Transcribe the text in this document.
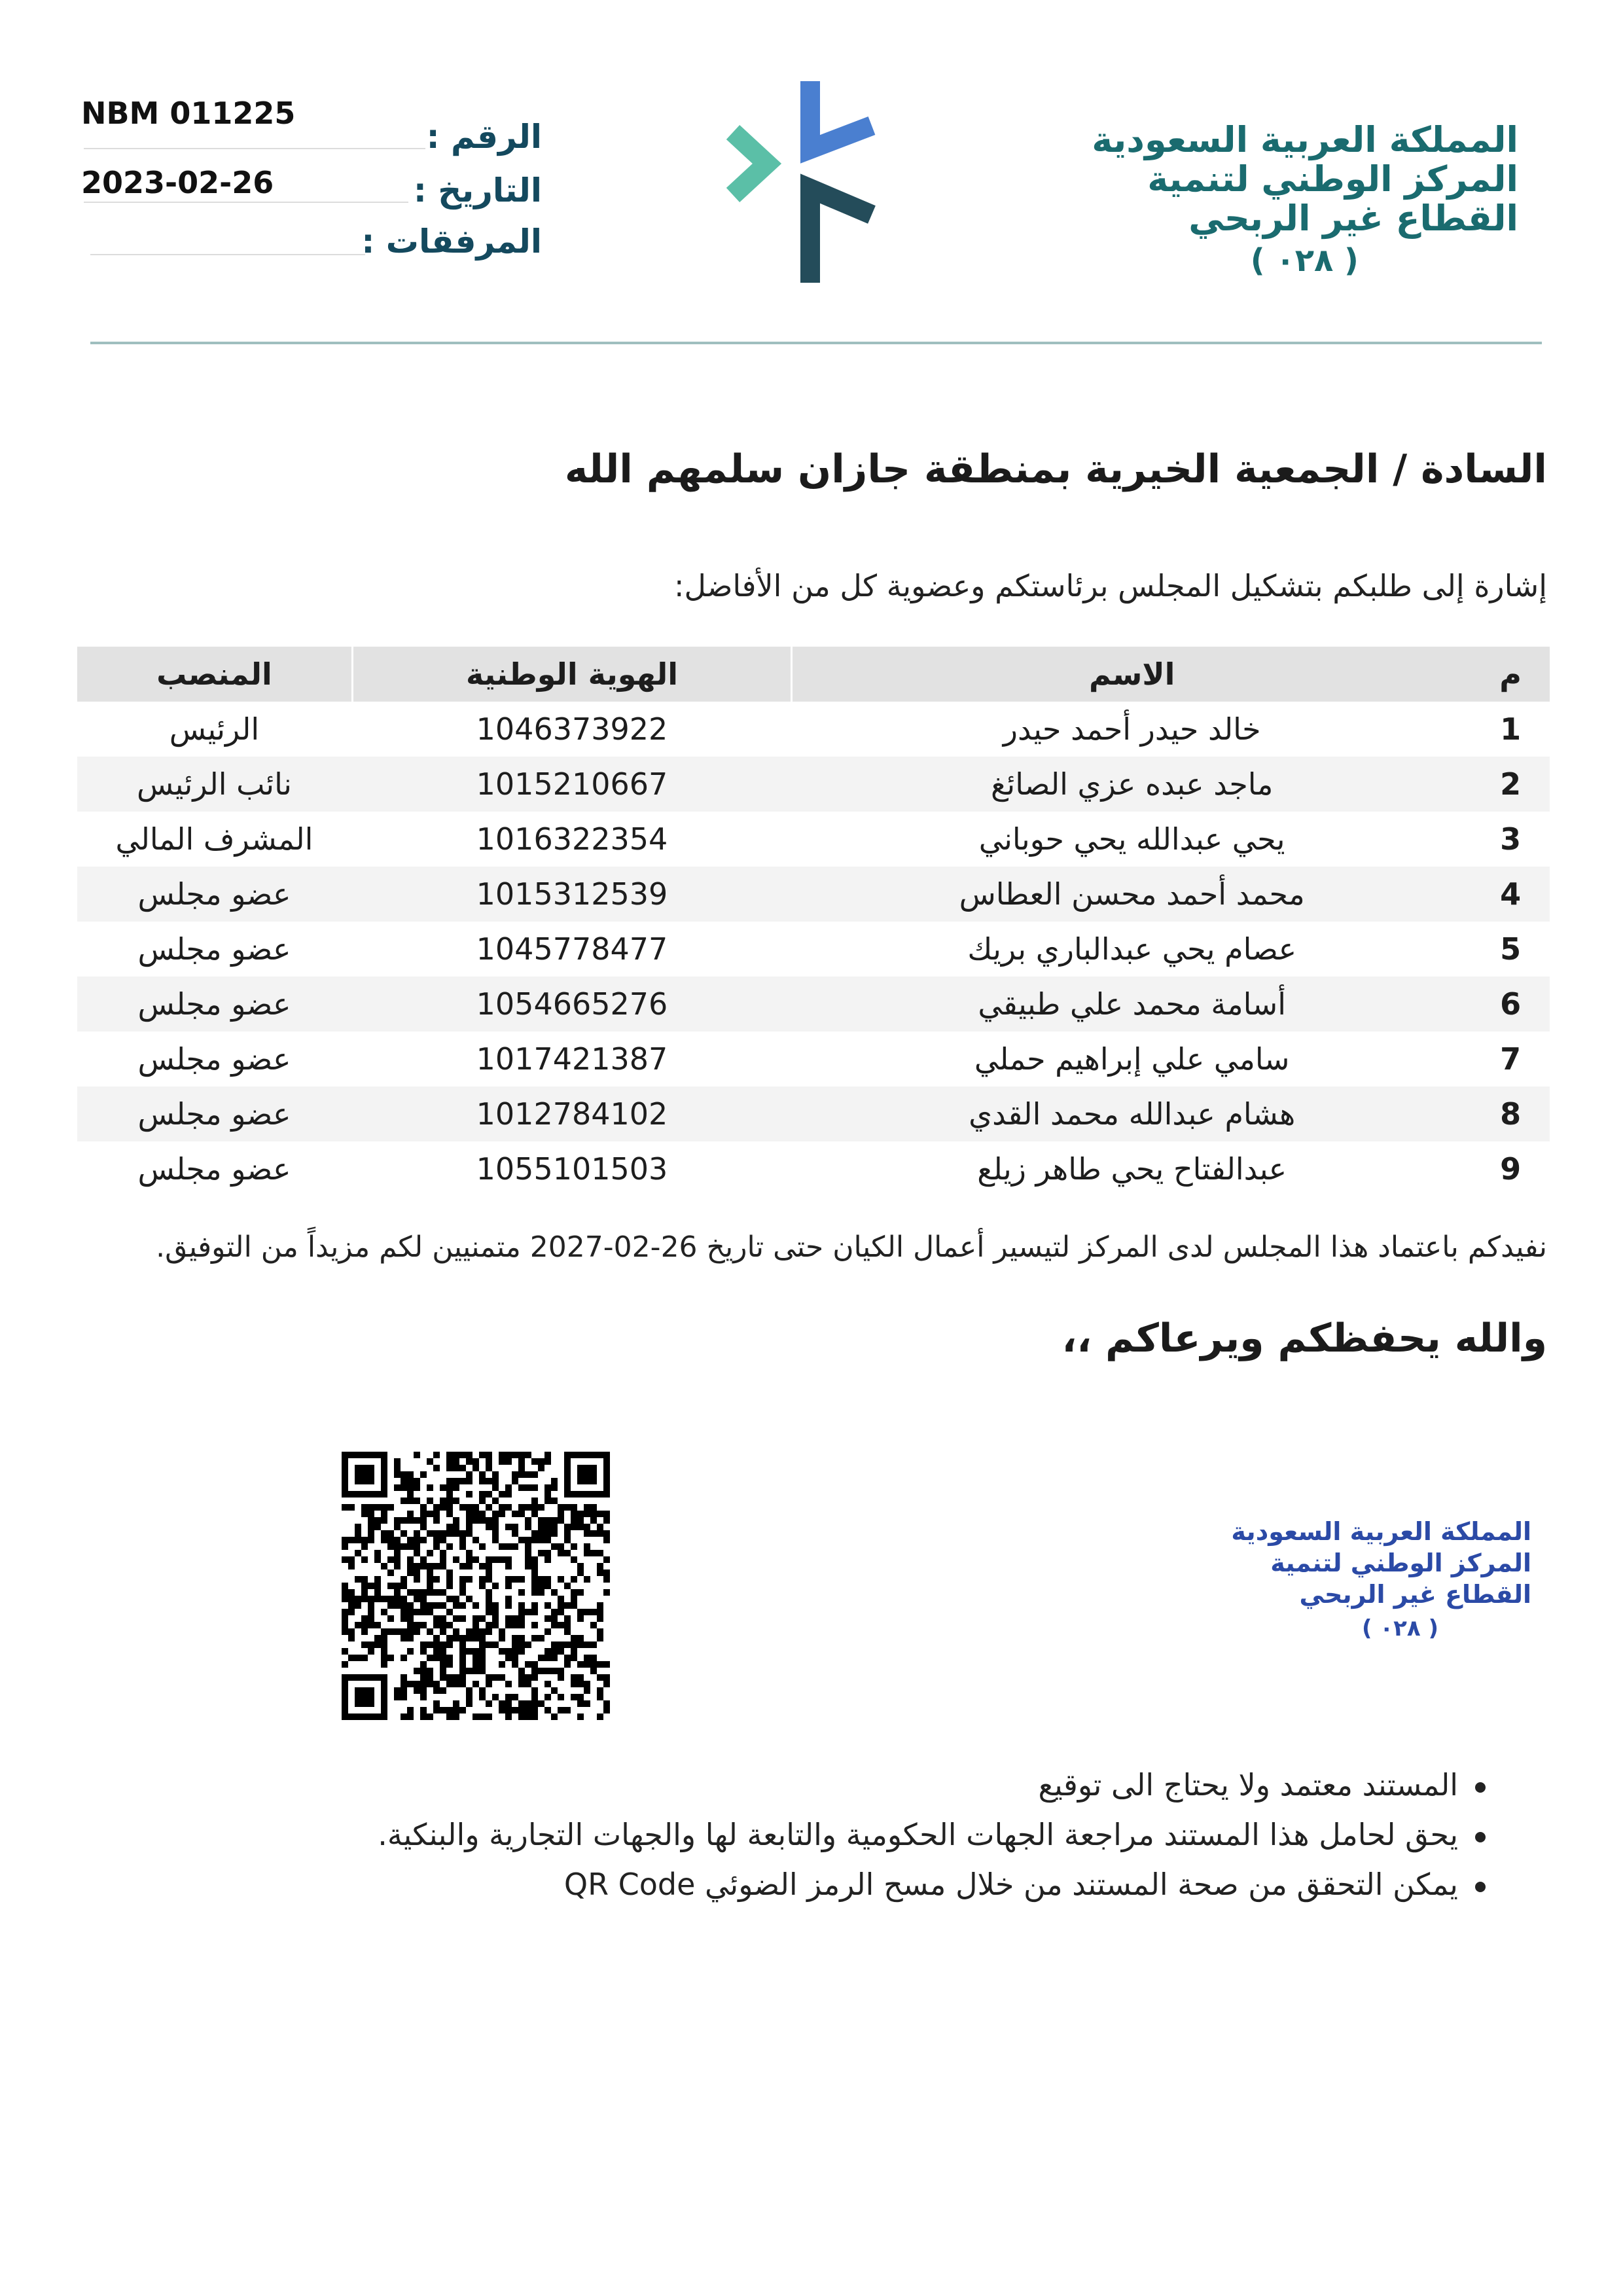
NBM 011225
الرقم :
2023-02-26	التاريخ :
المرفقات :
المملكة العربية السعودية
المركز الوطني لتنمية
القطاع غير الربحي
( ٠٢٨ )
السادة / الجمعية الخيرية بمنطقة جازان سلمهم الله
إشارة إلى طلبكم بتشكيل المجلس برئاستكم وعضوية كل من الأفاضل:
م
الاسم
الهوية الوطنية
المنصب
1
خالد حيدر أحمد حيدر
1046373922
الرئيس
2
ماجد عبده عزي الصائغ
1015210667
نائب الرئيس
3
يحي عبدالله يحي حوباني
1016322354
المشرف المالي
4
محمد أحمد محسن العطاس
1015312539
عضو مجلس
5
عصام يحي عبدالباري بريك
1045778477
عضو مجلس
6
أسامة محمد علي طبيقي
1054665276
عضو مجلس
7
سامي علي إبراهيم حملي
1017421387
عضو مجلس
8
هشام عبدالله محمد القدي
1012784102
عضو مجلس
9
عبدالفتاح يحي طاهر زيلع
1055101503
عضو مجلس
نفيدكم باعتماد هذا المجلس لدى المركز لتيسير أعمال الكيان حتى تاريخ 26-02-2027 متمنيين لكم مزيداً من التوفيق.
والله يحفظكم ويرعاكم ،،
المملكة العربية السعودية
المركز الوطني لتنمية
القطاع غير الربحي
( ٠٢٨ )
المستند معتمد ولا يحتاج الى توقيع
يحق لحامل هذا المستند مراجعة الجهات الحكومية والتابعة لها والجهات التجارية والبنكية.
يمكن التحقق من صحة المستند من خلال مسح الرمز الضوئي QR Code
